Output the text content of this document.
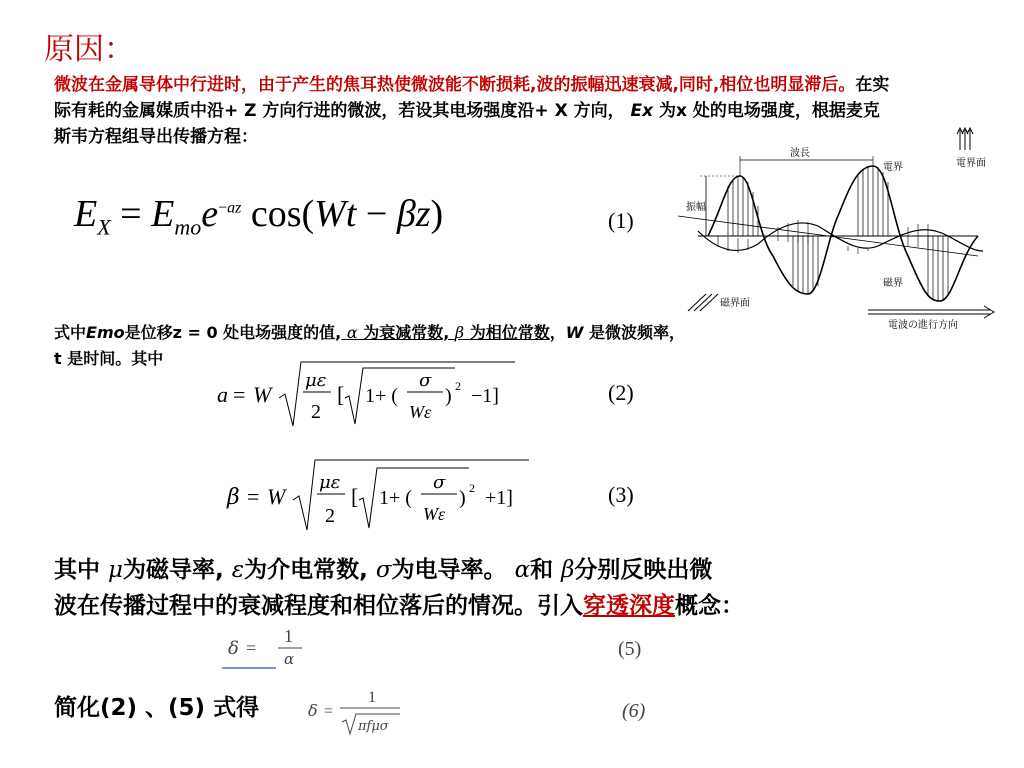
原因：
微波在金属导体中行进时，由于产生的焦耳热使微波能不断损耗,波的振幅迅速衰减,同时,相位也明显滞后。在实际有耗的金属媒质中沿+ Z 方向行进的微波，若设其电场强度沿+ X 方向， Ex 为x 处的电场强度，根据麦克斯韦方程组导出传播方程：
$E_X = E_{mo}e^{-az}$ cos(Wt − βz)	(1)
振幅
波長
電界
磁界
電界面
磁界面
電波の進行方向
式中Emo是位移z = 0 处电场强度的值, α 为衰减常数, β 为相位常数，W 是微波频率，
t 是时间。其中
a = W
με
2
[ 1+ (
σ
Wε
) 2 −1]	(2)
β = W
με
2
[ 1+ (
σ
Wε
) 2 +1]	(3)
其中 μ为磁导率, ε为介电常数, σ为电导率。 α和 β分别反映出微
波在传播过程中的衰减程度和相位落后的情况。引入穿透深度概念：
δ =
1
α	(5)
简化(2) 、(5) 式得	δ =
1
πfμσ
(6)
